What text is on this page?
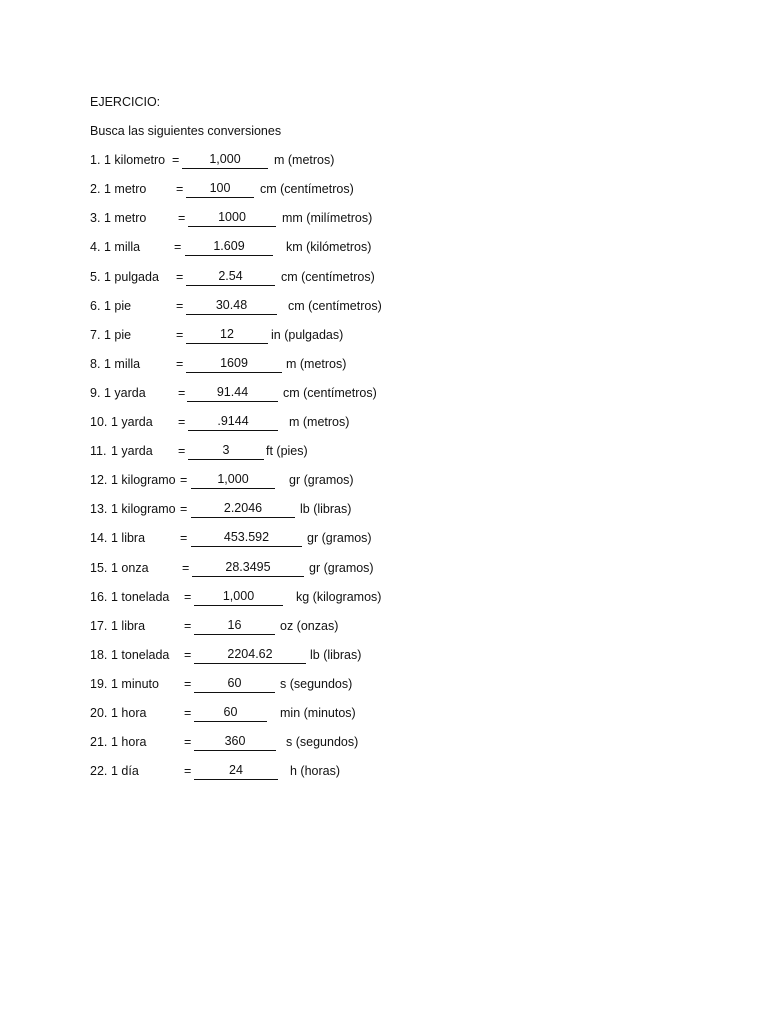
EJERCICIO:
Busca las siguientes conversiones
1. 1 kilometro =	1,000	m (metros)
2. 1 metro =	100	cm (centímetros)
3. 1 metro	=	1000	mm (milímetros)
4. 1 milla	=	1.609	km (kilómetros)
5. 1 pulgada =	2.54	cm (centímetros)
6. 1 pie	=	30.48	cm (centímetros)
7. 1 pie	=	12	in (pulgadas)
8. 1 milla	=	1609	m (metros)
9. 1 yarda	=	91.44	cm (centímetros)
10. 1 yarda =	.9144	m (metros)
11. 1 yarda =	3	ft (pies)
12. 1 kilogramo =	1,000	gr (gramos)
13. 1 kilogramo =	2.2046	lb (libras)
14. 1 libra	=	453.592	gr (gramos)
15. 1 onza	=	28.3495	gr (gramos)
16. 1 tonelada =	1,000	kg (kilogramos)
17. 1 libra	=	16	oz (onzas)
18. 1 tonelada =	2204.62	lb (libras)
19. 1 minuto =	60	s (segundos)
20. 1 hora	=	60	min (minutos)
21. 1 hora	=	360	s (segundos)
22. 1 día	=	24	h (horas)
